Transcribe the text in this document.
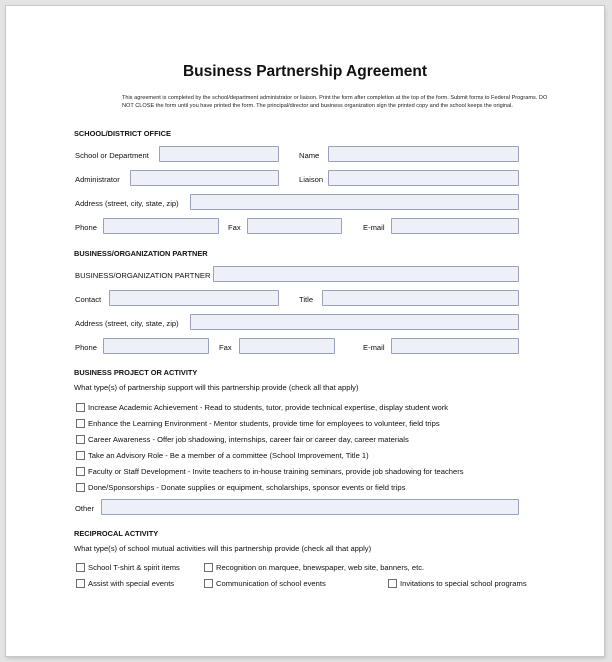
Business Partnership Agreement
This agreement is completed by the school/department administrator or liaison. Print the form after completion at the top of the form. Submit forms to Federal Programs. DO NOT CLOSE the form until you have printed the form. The principal/director and business organization sign the printed copy and the school keeps the original.
SCHOOL/DISTRICT OFFICE
School or Department	Name
Administrator	Liaison
Address (street, city, state, zip)
Phone	Fax	E-mail
BUSINESS/ORGANIZATION PARTNER
BUSINESS/ORGANIZATION PARTNER
Contact	Title
Address (street, city, state, zip)
Phone	Fax	E-mail
BUSINESS PROJECT OR ACTIVITY
What type(s) of partnership support will this partnership provide (check all that apply)
Increase Academic Achievement - Read to students, tutor, provide technical expertise, display student work
Enhance the Learning Environment - Mentor students, provide time for employees to volunteer, field trips
Career Awareness - Offer job shadowing, internships, career fair or career day, career materials
Take an Advisory Role - Be a member of a committee (School Improvement, Title 1)
Faculty or Staff Development - Invite teachers to in-house training seminars, provide job shadowing for teachers
Done/Sponsorships - Donate supplies or equipment, scholarships, sponsor events or field trips
Other
RECIPROCAL ACTIVITY
What type(s) of school mutual activities will this partnership provide (check all that apply)
School T-shirt & spirit items	Recognition on marquee, bnewspaper, web site, banners, etc.
Assist with special events	Communication of school events	Invitations to special school programs
